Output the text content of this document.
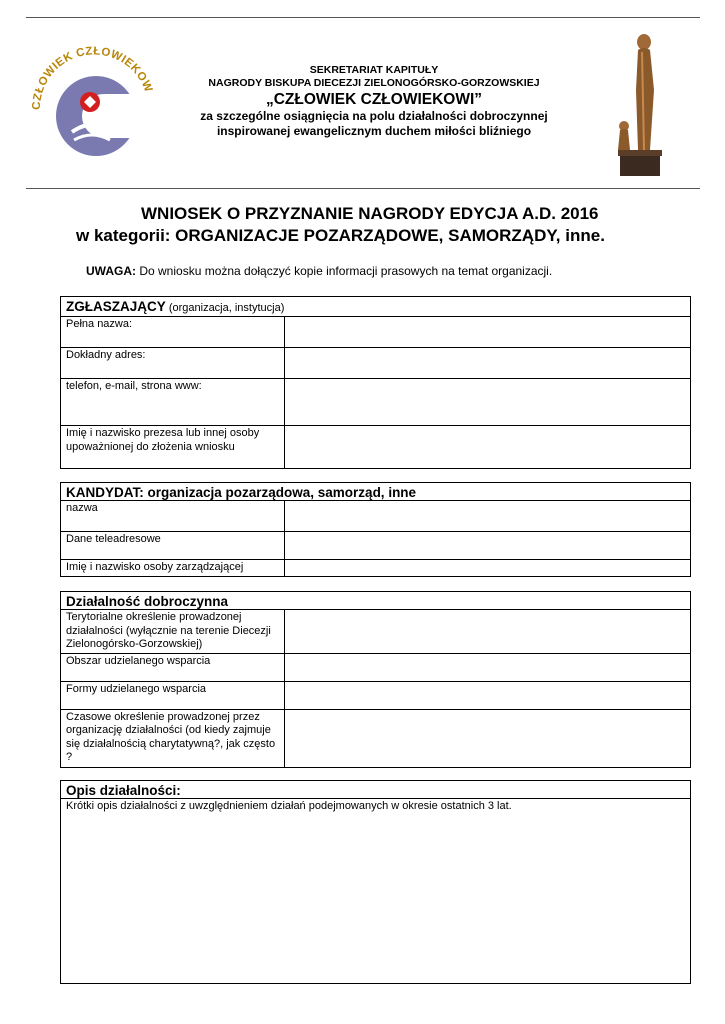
CZŁOWIEK CZŁOWIEKOW
SEKRETARIAT KAPITUŁY
NAGRODY BISKUPA DIECEZJI ZIELONOGÓRSKO-GORZOWSKIEJ
„CZŁOWIEK CZŁOWIEKOWI”
za szczególne osiągnięcia na polu działalności dobroczynnej
inspirowanej ewangelicznym duchem miłości bliźniego
WNIOSEK O PRZYZNANIE NAGRODY EDYCJA A.D. 2016
w kategorii: ORGANIZACJE POZARZĄDOWE, SAMORZĄDY, inne.
UWAGA: Do wniosku można dołączyć kopie informacji prasowych na temat organizacji.
ZGŁASZAJĄCY (organizacja, instytucja)	
Pełna nazwa:	
Dokładny adres:	
telefon, e-mail, strona www:	
Imię i nazwisko prezesa lub innej osoby upoważnionej do złożenia wniosku	
KANDYDAT: organizacja pozarządowa, samorząd, inne	
nazwa	
Dane teleadresowe	
Imię i nazwisko osoby zarządzającej	
Działalność dobroczynna	
Terytorialne określenie prowadzonej działalności (wyłącznie na terenie Diecezji Zielonogórsko-Gorzowskiej)	
Obszar udzielanego wsparcia	
Formy udzielanego wsparcia	
Czasowe określenie prowadzonej przez organizację działalności (od kiedy zajmuje się działalnością charytatywną?, jak często ?	
Opis działalności:
Krótki opis działalności z uwzględnieniem działań podejmowanych w okresie ostatnich 3 lat.
